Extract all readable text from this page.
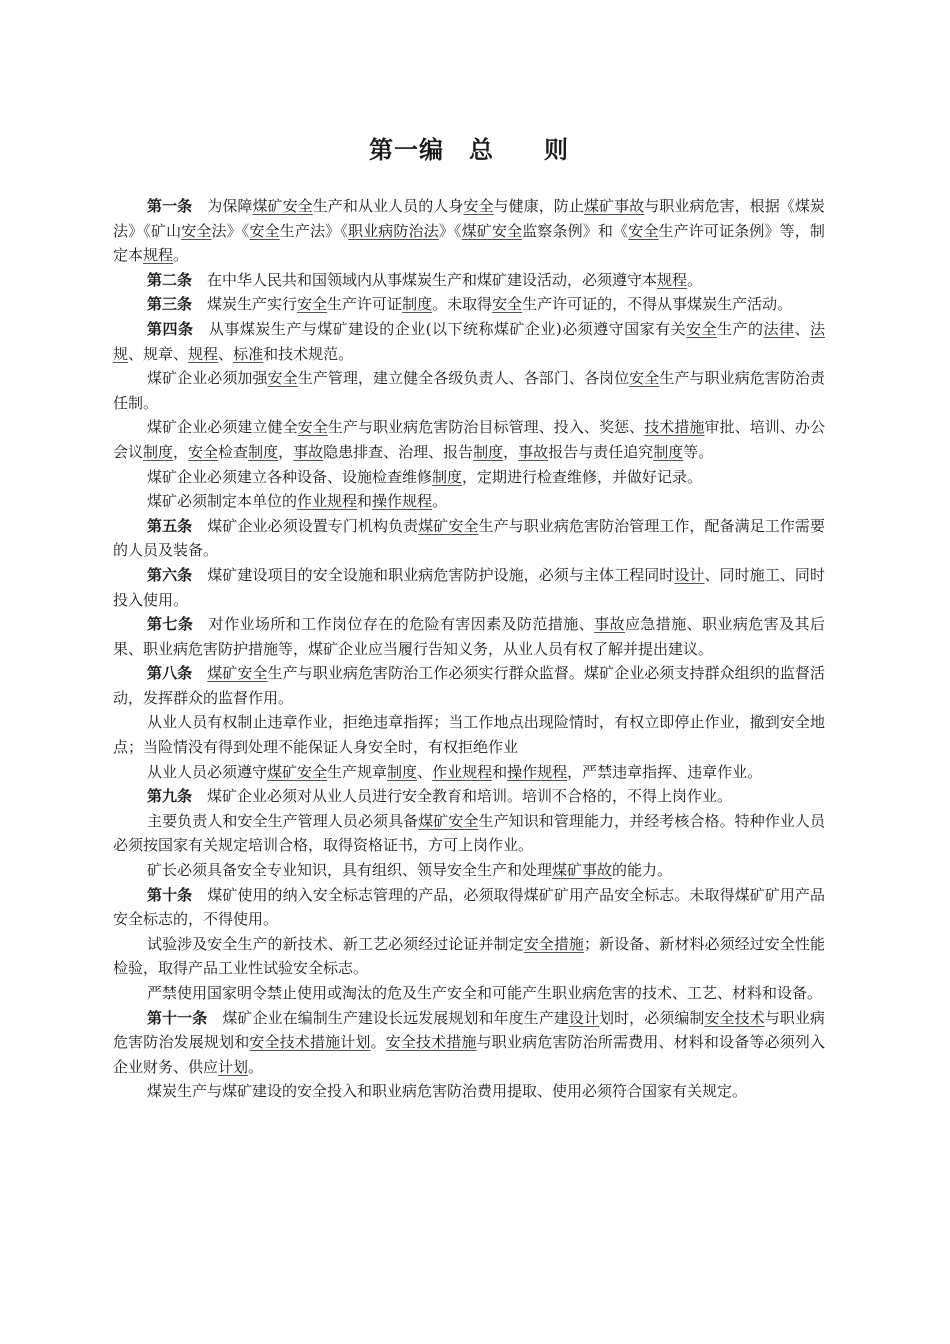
第一编　总　　则

第一条 为保障煤矿安全生产和从业人员的人身安全与健康，防止煤矿事故与职业病危害，根据《煤炭法》《矿山安全法》《安全生产法》《职业病防治法》《煤矿安全监察条例》和《安全生产许可证条例》等，制定本规程。

第二条 在中华人民共和国领域内从事煤炭生产和煤矿建设活动，必须遵守本规程。

第三条 煤炭生产实行安全生产许可证制度。未取得安全生产许可证的，不得从事煤炭生产活动。

第四条 从事煤炭生产与煤矿建设的企业(以下统称煤矿企业)必须遵守国家有关安全生产的法律、法规、规章、规程、标准和技术规范。

煤矿企业必须加强安全生产管理，建立健全各级负责人、各部门、各岗位安全生产与职业病危害防治责任制。

煤矿企业必须建立健全安全生产与职业病危害防治目标管理、投入、奖惩、技术措施审批、培训、办公会议制度，安全检查制度，事故隐患排查、治理、报告制度，事故报告与责任追究制度等。

煤矿企业必须建立各种设备、设施检查维修制度，定期进行检查维修，并做好记录。

煤矿必须制定本单位的作业规程和操作规程。

第五条 煤矿企业必须设置专门机构负责煤矿安全生产与职业病危害防治管理工作，配备满足工作需要的人员及装备。

第六条 煤矿建设项目的安全设施和职业病危害防护设施，必须与主体工程同时设计、同时施工、同时投入使用。

第七条 对作业场所和工作岗位存在的危险有害因素及防范措施、事故应急措施、职业病危害及其后果、职业病危害防护措施等，煤矿企业应当履行告知义务，从业人员有权了解并提出建议。

第八条 煤矿安全生产与职业病危害防治工作必须实行群众监督。煤矿企业必须支持群众组织的监督活动，发挥群众的监督作用。

从业人员有权制止违章作业，拒绝违章指挥；当工作地点出现险情时，有权立即停止作业，撤到安全地点；当险情没有得到处理不能保证人身安全时，有权拒绝作业

从业人员必须遵守煤矿安全生产规章制度、作业规程和操作规程，严禁违章指挥、违章作业。

第九条 煤矿企业必须对从业人员进行安全教育和培训。培训不合格的，不得上岗作业。

主要负责人和安全生产管理人员必须具备煤矿安全生产知识和管理能力，并经考核合格。特种作业人员必须按国家有关规定培训合格，取得资格证书，方可上岗作业。

矿长必须具备安全专业知识，具有组织、领导安全生产和处理煤矿事故的能力。

第十条 煤矿使用的纳入安全标志管理的产品，必须取得煤矿矿用产品安全标志。未取得煤矿矿用产品安全标志的，不得使用。

试验涉及安全生产的新技术、新工艺必须经过论证并制定安全措施；新设备、新材料必须经过安全性能检验，取得产品工业性试验安全标志。

严禁使用国家明令禁止使用或淘汰的危及生产安全和可能产生职业病危害的技术、工艺、材料和设备。

第十一条 煤矿企业在编制生产建设长远发展规划和年度生产建设计划时，必须编制安全技术与职业病危害防治发展规划和安全技术措施计划。安全技术措施与职业病危害防治所需费用、材料和设备等必须列入企业财务、供应计划。

煤炭生产与煤矿建设的安全投入和职业病危害防治费用提取、使用必须符合国家有关规定。
